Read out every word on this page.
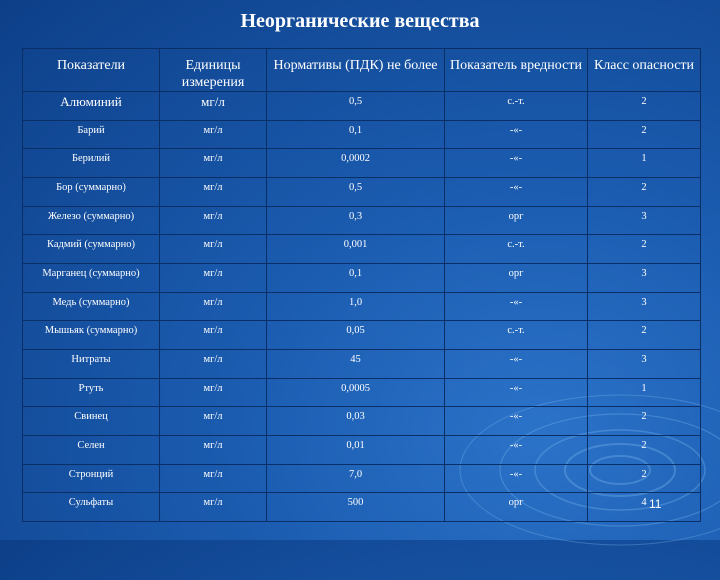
Неорганические вещества
Показатели	Единицы измерения	Нормативы (ПДК) не более	Показатель вредности	Класс опасности
Алюминий	мг/л	0,5	с.-т.	2
Барий	мг/л	0,1	-«-	2
Берилий	мг/л	0,0002	-«-	1
Бор (суммарно)	мг/л	0,5	-«-	2
Железо (суммарно)	мг/л	0,3	орг	3
Кадмий (суммарно)	мг/л	0,001	с.-т.	2
Марганец (суммарно)	мг/л	0,1	орг	3
Медь (суммарно)	мг/л	1,0	-«-	3
Мышьяк (суммарно)	мг/л	0,05	с.-т.	2
Нитраты	мг/л	45	-«-	3
Ртуть	мг/л	0,0005	-«-	1
Свинец	мг/л	0,03	-«-	2
Селен	мг/л	0,01	-«-	2
Стронций	мг/л	7,0	-«-	2
Сульфаты	мг/л	500	орг	4 11
